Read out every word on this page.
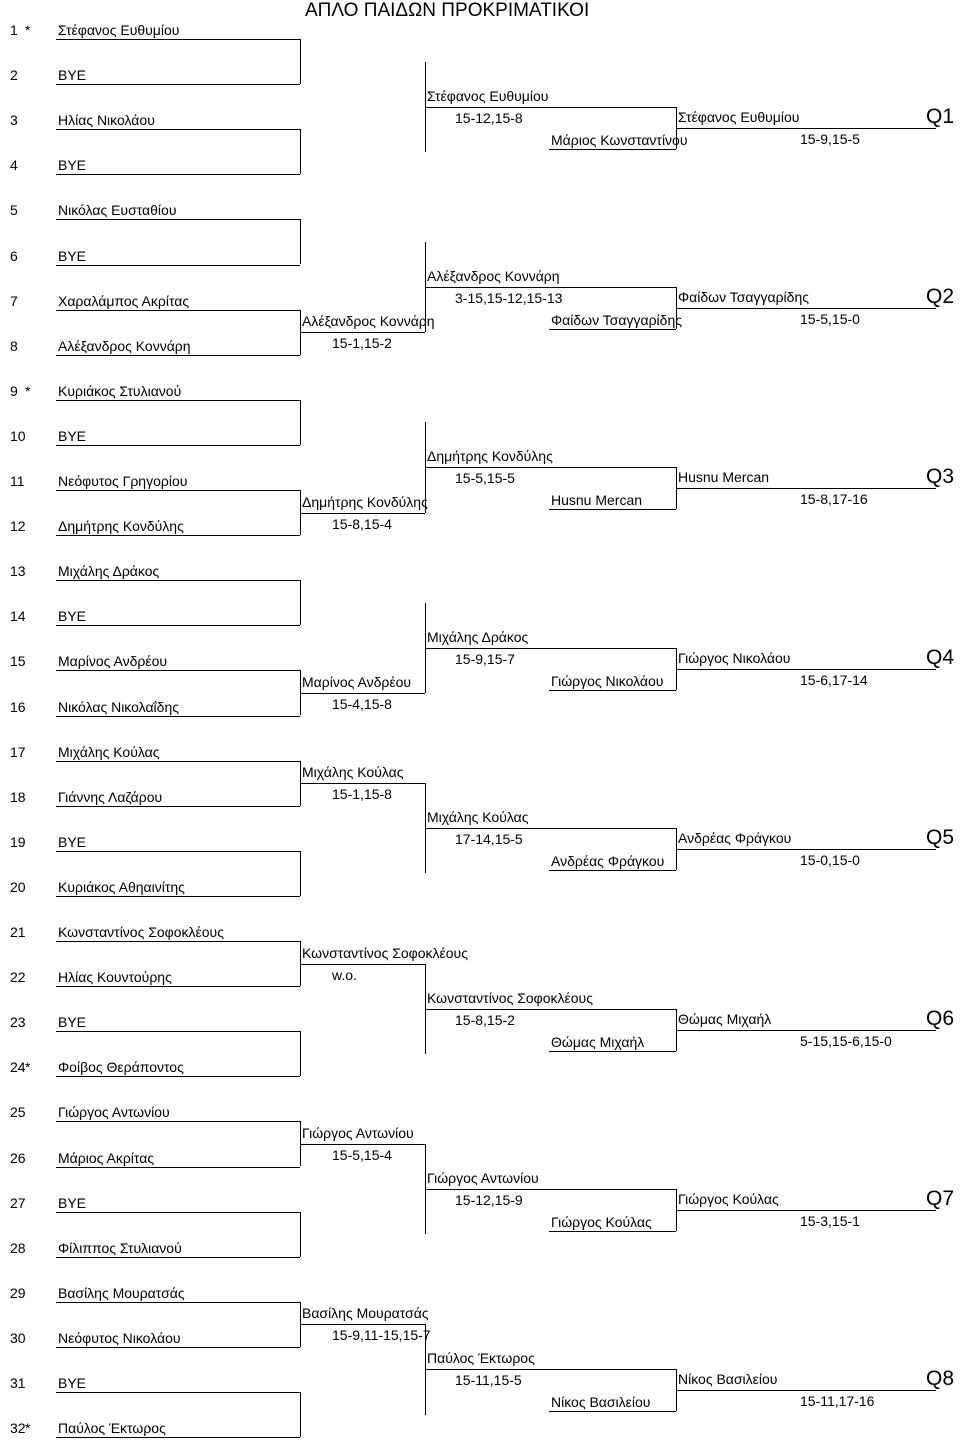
ΑΠΛΟ ΠΑΙΔΩΝ ΠΡΟΚΡΙΜΑΤΙΚΟΙ
1 * Στέφανος Ευθυμίου
2	BYE
3	Ηλίας Νικολάου
4	BYE
5	Νικόλας Ευσταθίου
6	BYE
7	Χαραλάμπος Ακρίτας
8	Αλέξανδρος Κοννάρη
9 * Κυριάκος Στυλιανού
10 BYE
11 Νεόφυτος Γρηγορίου
12 Δημήτρης Κονδύλης
13 Μιχάλης Δράκος
14 BYE
15 Μαρίνος Ανδρέου
16 Νικόλας Νικολαΐδης
17 Μιχάλης Κούλας
18 Γιάννης Λαζάρου
19 BYE
20 Κυριάκος Αθηαινίτης
21 Κωνσταντίνος Σοφοκλέους
22 Ηλίας Κουντούρης
23 BYE
24 * Φοίβος Θεράποντος
25 Γιώργος Αντωνίου
26 Μάριος Ακρίτας
27 BYE
28 Φίλιππος Στυλιανού
29 Βασίλης Μουρατσάς
30 Νεόφυτος Νικολάου
31 BYE
32 * Παύλος Έκτωρος
Στέφανος Ευθυμίου
15-12,15-8
Μάριος Κωνσταντίνου
Στέφανος Ευθυμίου
15-9,15-5
Q1
Αλέξανδρος Κοννάρη
15-1,15-2
Αλέξανδρος Κοννάρη
3-15,15-12,15-13
Φαίδων Τσαγγαρίδης
Φαίδων Τσαγγαρίδης
15-5,15-0
Q2
Δημήτρης Κονδύλης
15-8,15-4
Δημήτρης Κονδύλης
15-5,15-5
Husnu Mercan
Husnu Mercan
15-8,17-16
Q3
Μαρίνος Ανδρέου
15-4,15-8
Μιχάλης Δράκος
15-9,15-7
Γιώργος Νικολάου
Γιώργος Νικολάου
15-6,17-14
Q4
Μιχάλης Κούλας
15-1,15-8
Μιχάλης Κούλας
17-14,15-5
Ανδρέας Φράγκου
Ανδρέας Φράγκου
15-0,15-0
Q5
Κωνσταντίνος Σοφοκλέους
w.o.
Κωνσταντίνος Σοφοκλέους
15-8,15-2
Θώμας Μιχαήλ
Θώμας Μιχαήλ
5-15,15-6,15-0
Q6
Γιώργος Αντωνίου
15-5,15-4
Γιώργος Αντωνίου
15-12,15-9
Γιώργος Κούλας
Γιώργος Κούλας
15-3,15-1
Q7
Βασίλης Μουρατσάς
15-9,11-15,15-7
Παύλος Έκτωρος
15-11,15-5
Νίκος Βασιλείου
Νίκος Βασιλείου
15-11,17-16
Q8
